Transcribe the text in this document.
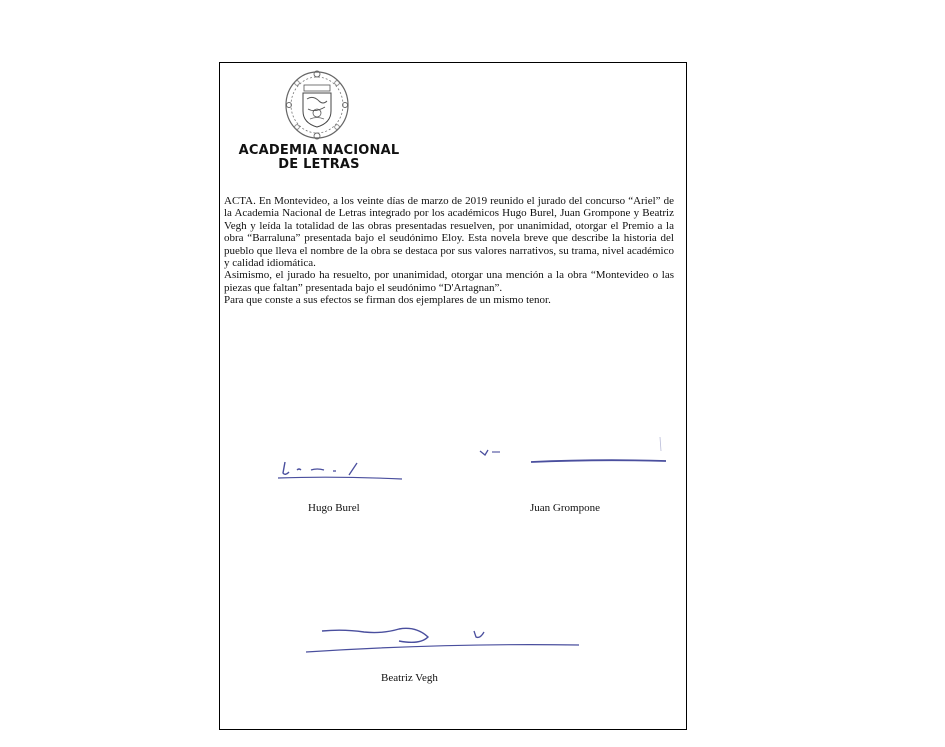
ACADEMIA NACIONAL
DE LETRAS

ACTA. En Montevideo, a los veinte días de marzo de 2019 reunido el jurado del concurso “Ariel” de la Academia Nacional de Letras integrado por los académicos Hugo Burel, Juan Grompone y Beatriz Vegh y leída la totalidad de las obras presentadas resuelven, por unanimidad, otorgar el Premio a la obra “Barraluna” presentada bajo el seudónimo Eloy. Esta novela breve que describe la historia del pueblo que lleva el nombre de la obra se destaca por sus valores narrativos, su trama, nivel académico y calidad idiomática.

Asimismo, el jurado ha resuelto, por unanimidad, otorgar una mención a la obra “Montevideo o las piezas que faltan” presentada bajo el seudónimo “D'Artagnan”.

Para que conste a sus efectos se firman dos ejemplares de un mismo tenor.

Hugo Burel	Juan Grompone
Beatriz Vegh
